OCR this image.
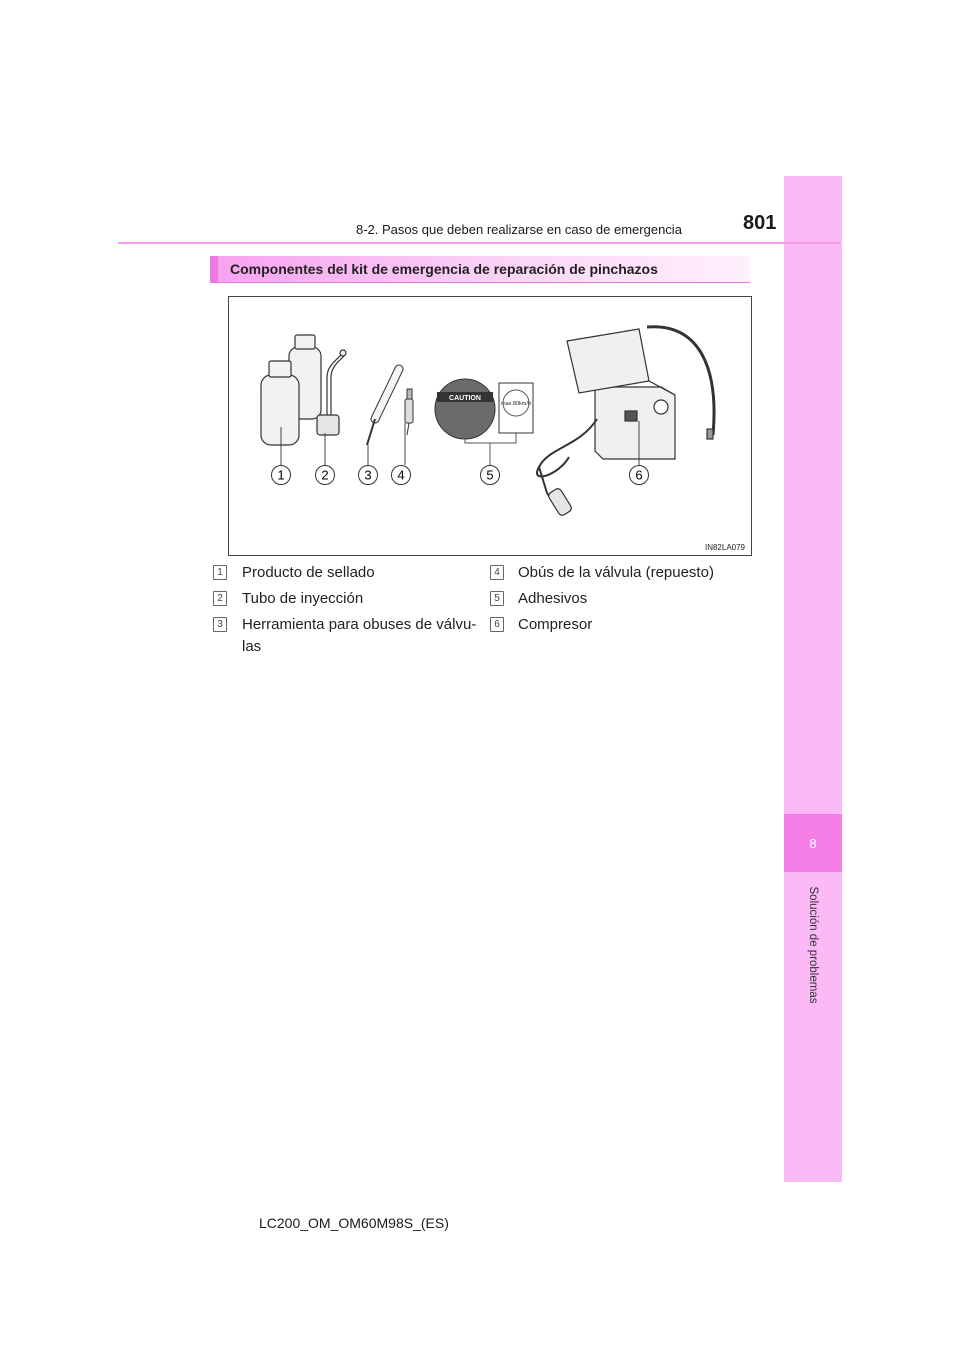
8
Solución de problemas
8-2. Pasos que deben realizarse en caso de emergencia	801
Componentes del kit de emergencia de reparación de pinchazos
CAUTION
max.80km/h
1	2	3 4	5	6
IN82LA079
1 Producto de sellado
2 Tubo de inyección
3 Herramienta para obuses de válvu-
las
4 Obús de la válvula (repuesto)
5 Adhesivos
6 Compresor
LC200_OM_OM60M98S_(ES)
